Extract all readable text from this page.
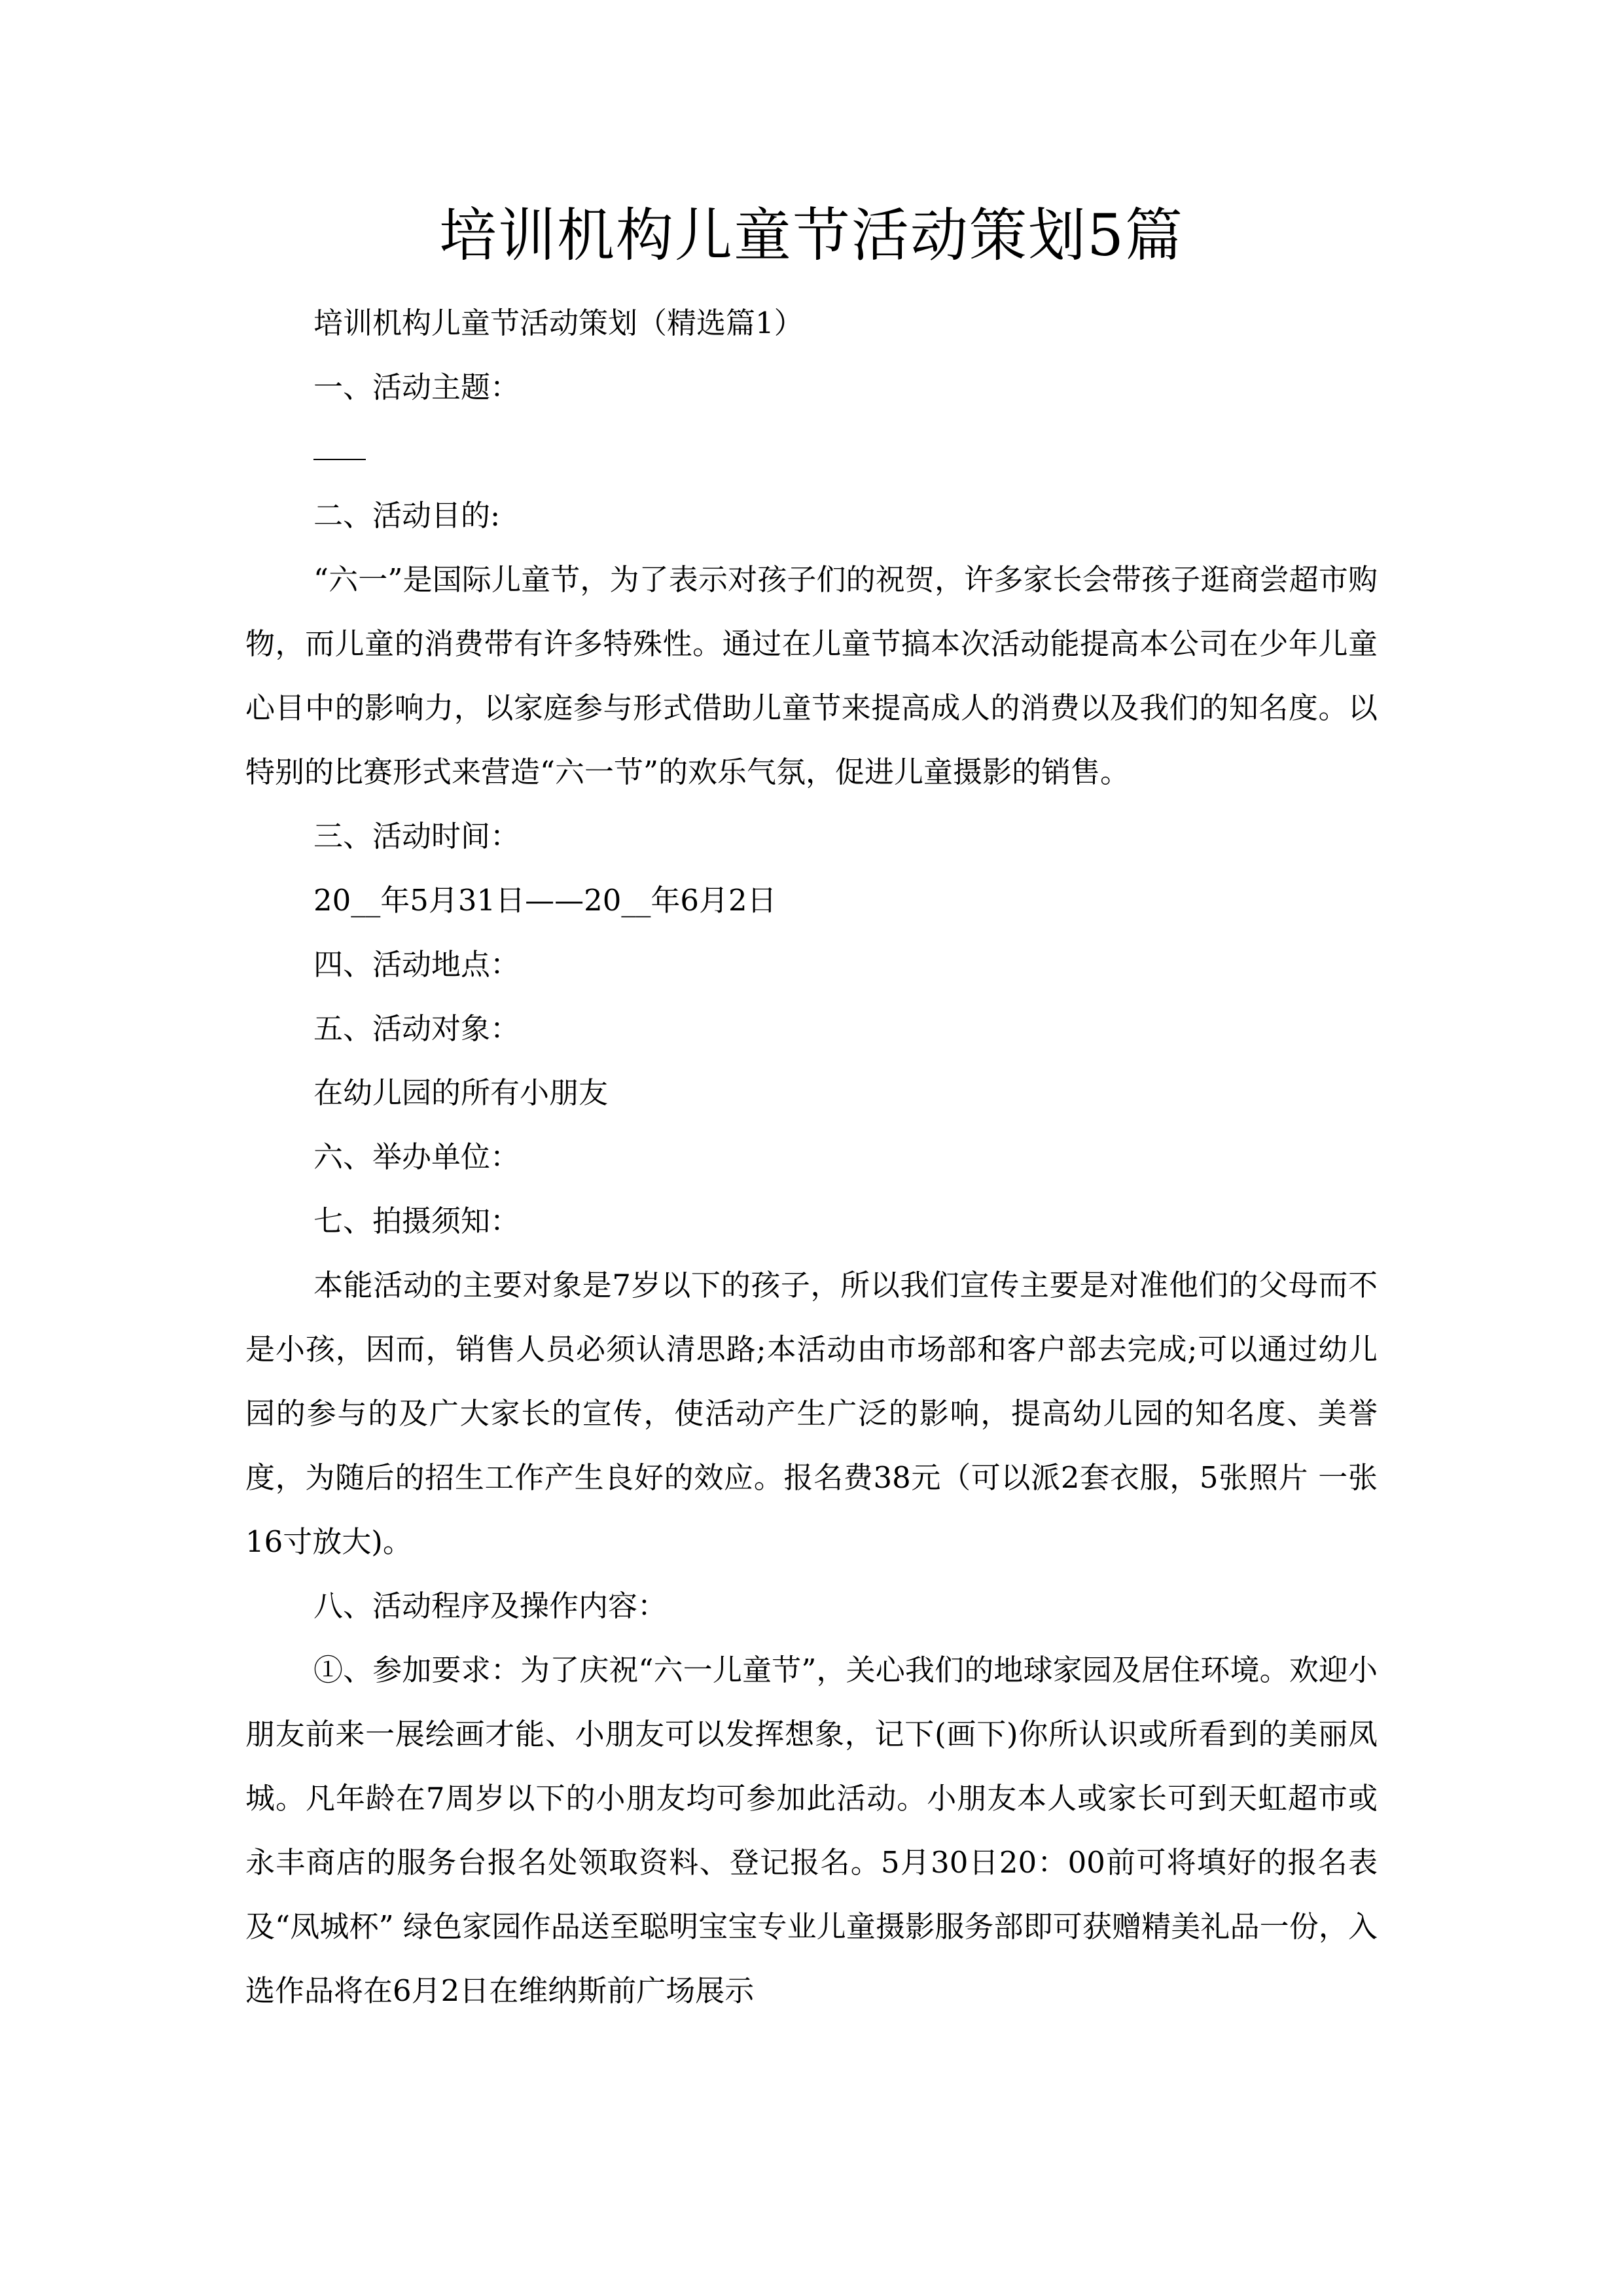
培训机构儿童节活动策划5篇

培训机构儿童节活动策划（精选篇1）

一、活动主题：

二、活动目的:

“六一”是国际儿童节，为了表示对孩子们的祝贺，许多家长会带孩子逛商尝超市购物，而儿童的消费带有许多特殊性。通过在儿童节搞本次活动能提高本公司在少年儿童心目中的影响力，以家庭参与形式借助儿童节来提高成人的消费以及我们的知名度。以特别的比赛形式来营造“六一节”的欢乐气氛，促进儿童摄影的销售。

三、活动时间：

20__年5月31日——20__年6月2日

四、活动地点：

五、活动对象：

在幼儿园的所有小朋友

六、举办单位：

七、拍摄须知：

本能活动的主要对象是7岁以下的孩子，所以我们宣传主要是对准他们的父母而不是小孩，因而，销售人员必须认清思路;本活动由市场部和客户部去完成;可以通过幼儿园的参与的及广大家长的宣传，使活动产生广泛的影响，提高幼儿园的知名度、美誉度，为随后的招生工作产生良好的效应。报名费38元（可以派2套衣服，5张照片 一张16寸放大)。

八、活动程序及操作内容：

①、参加要求：为了庆祝“六一儿童节”，关心我们的地球家园及居住环境。欢迎小朋友前来一展绘画才能、小朋友可以发挥想象，记下(画下)你所认识或所看到的美丽凤城。凡年龄在7周岁以下的小朋友均可参加此活动。小朋友本人或家长可到天虹超市或永丰商店的服务台报名处领取资料、登记报名。5月30日20：00前可将填好的报名表及“凤城杯” 绿色家园作品送至聪明宝宝专业儿童摄影服务部即可获赠精美礼品一份，入选作品将在6月2日在维纳斯前广场展示
